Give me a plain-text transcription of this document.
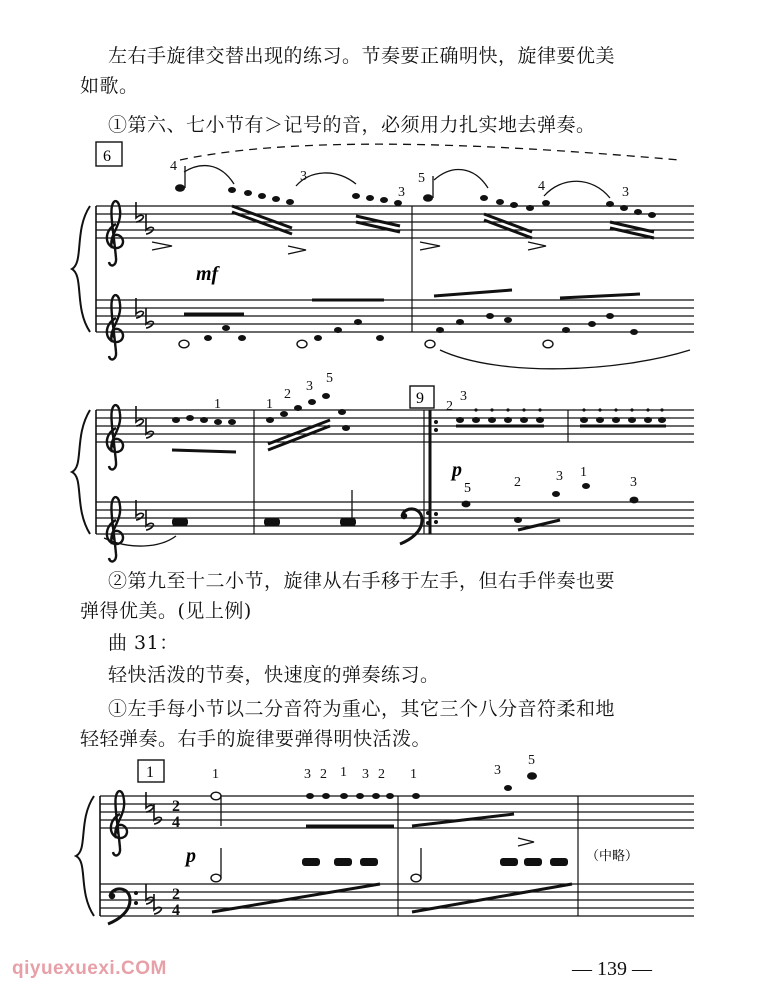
左右手旋律交替出现的练习。节奏要正确明快，旋律要优美

如歌。

①第六、七小节有＞记号的音，必须用力扎实地去弹奏。

②第九至十二小节，旋律从右手移于左手，但右手伴奏也要

弹得优美。(见上例)

曲 31：

轻快活泼的节奏，快速度的弹奏练习。

①左手每小节以二分音符为重心，其它三个八分音符柔和地

轻轻弹奏。右手的旋律要弹得明快活泼。

6
4
3
3
5
4	3
mf
9
1	1
2
3
5
2
3
2	3 1
3
p
5
2
4
2
4
1	1	3 2 1 3 2 1	3
5
p	（中略）
qiyuexuexi.COM	— 139 —
